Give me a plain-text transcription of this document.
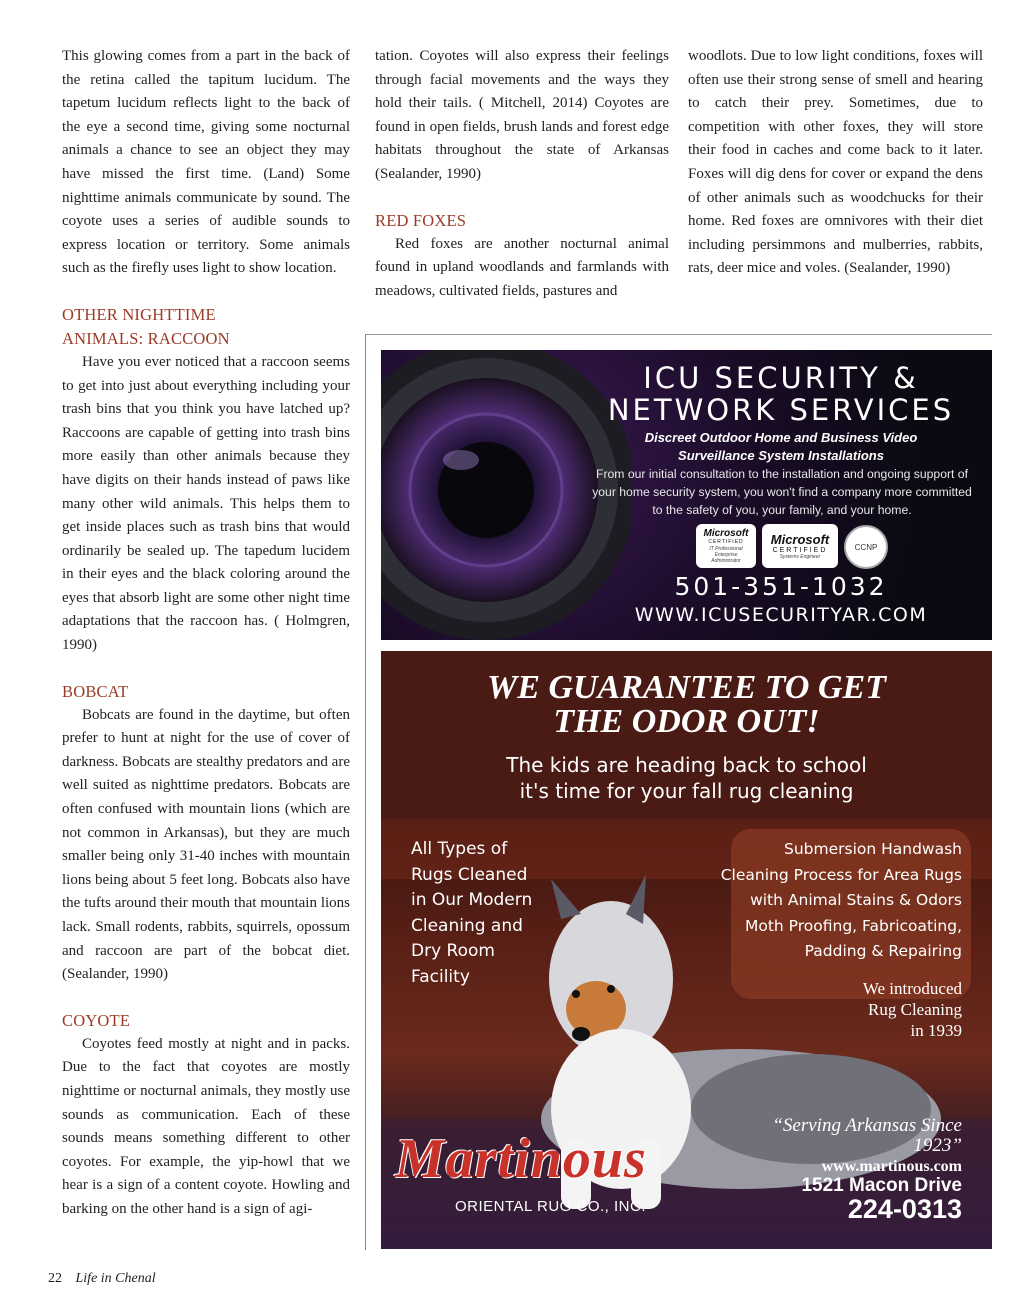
This glowing comes from a part in the back of the retina called the tapitum lucidum. The tapetum lucidum reflects light to the back of the eye a second time, giving some nocturnal animals a chance to see an object they may have missed the first time. (Land) Some nighttime animals communicate by sound. The coyote uses a series of audible sounds to express location or territory. Some animals such as the firefly uses light to show location.

OTHER NIGHTTIME
ANIMALS: RACCOON

Have you ever noticed that a raccoon seems to get into just about everything including your trash bins that you think you have latched up? Raccoons are capable of getting into trash bins more easily than other animals because they have digits on their hands instead of paws like many other wild animals. This helps them to get inside places such as trash bins that would ordinarily be sealed up. The tapedum lucidem in their eyes and the black coloring around the eyes that absorb light are some other night time adaptations that the raccoon has. ( Holmgren, 1990)

BOBCAT

Bobcats are found in the daytime, but often prefer to hunt at night for the use of cover of darkness. Bobcats are stealthy predators and are well suited as nighttime predators. Bobcats are often confused with mountain lions (which are not common in Arkansas), but they are much smaller being only 31-40 inches with mountain lions being about 5 feet long. Bobcats also have the tufts around their mouth that mountain lions lack. Small rodents, rabbits, squirrels, opossum and raccoon are part of the bobcat diet. (Sealander, 1990)

COYOTE

Coyotes feed mostly at night and in packs. Due to the fact that coyotes are mostly nighttime or nocturnal animals, they mostly use sounds as communication. Each of these sounds means something different to other coyotes. For example, the yip-howl that we hear is a sign of a content coyote. Howling and barking on the other hand is a sign of agi-

tation. Coyotes will also express their feelings through facial movements and the ways they hold their tails. ( Mitchell, 2014) Coyotes are found in open fields, brush lands and forest edge habitats throughout the state of Arkansas (Sealander, 1990)

RED FOXES

Red foxes are another nocturnal animal found in upland woodlands and farmlands with meadows, cultivated fields, pastures and

woodlots. Due to low light conditions, foxes will often use their strong sense of smell and hearing to catch their prey. Sometimes, due to competition with other foxes, they will store their food in caches and come back to it later. Foxes will dig dens for cover or expand the dens of other animals such as woodchucks for their home. Red foxes are omnivores with their diet including persimmons and mulberries, rabbits, rats, deer mice and voles. (Sealander, 1990)

ICU SECURITY &
NETWORK SERVICES
Discreet Outdoor Home and Business Video
Surveillance System Installations
From our initial consultation to the installation and ongoing support of your home security system, you won't find a company more committed to the safety of you, your family, and your home.
Microsoft
CERTIFIED
IT Professional
Enterprise Administrator
Microsoft
CERTIFIED
Systems Engineer
CCNP
501-351-1032
WWW.ICUSECURITYAR.COM
WE GUARANTEE TO GET
THE ODOR OUT!
The kids are heading back to school
it's time for your fall rug cleaning
All Types of
Rugs Cleaned
in Our Modern
Cleaning and
Dry Room
Facility
Submersion Handwash
Cleaning Process for Area Rugs
with Animal Stains & Odors
Moth Proofing, Fabricoating,
Padding & Repairing
We introduced
Rug Cleaning
in 1939
“Serving Arkansas Since
1923”
www.martinous.com
1521 Macon Drive
224-0313
Martinous
ORIENTAL RUG CO., INC.
22 Life in Chenal
